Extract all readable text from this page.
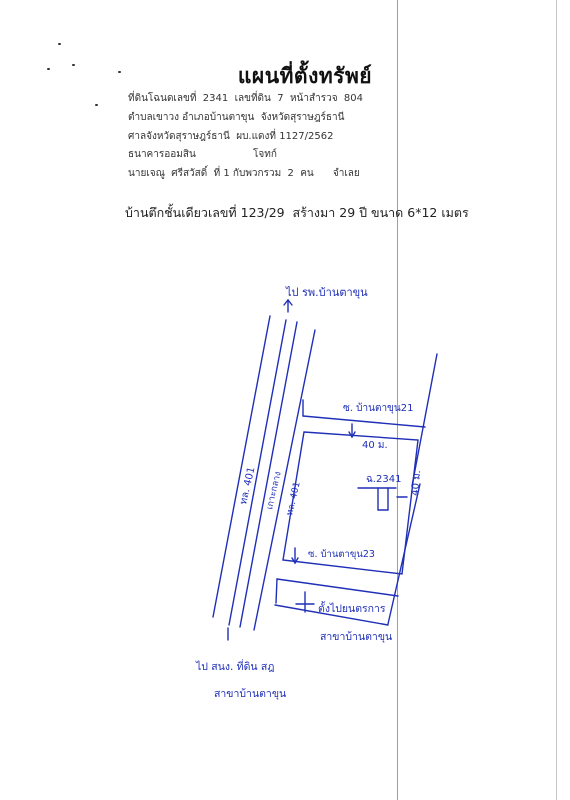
แผนที่ตั้งทรัพย์
ที่ดินโฉนดเลขที่  2341  เลขที่ดิน  7  หน้าสำรวจ  804
ตำบลเขาวง อำเภอบ้านตาขุน  จังหวัดสุราษฎร์ธานี
ศาลจังหวัดสุราษฎร์ธานี  ผบ.แดงที่ 1127/2562
ธนาคารออมสิน                  โจทก์
นายเจณู  ศรีสวัสดิ์  ที่ 1 กับพวกรวม  2  คน      จำเลย
บ้านตึกชั้นเดียวเลขที่ 123/29  สร้างมา 29 ปี ขนาด 6*12 เมตร
ไป รพ.บ้านตาขุน
ทล. 401 เกาะกลาง ทล. 401
ซ. บ้านตาขุน21
40 ม.
ฉ.2341 40 ม.
ซ. บ้านตาขุน23
ตั้งไปยนตรการ
สาขาบ้านตาขุน
ไป สนง. ที่ดิน สฎ
สาขาบ้านตาขุน
